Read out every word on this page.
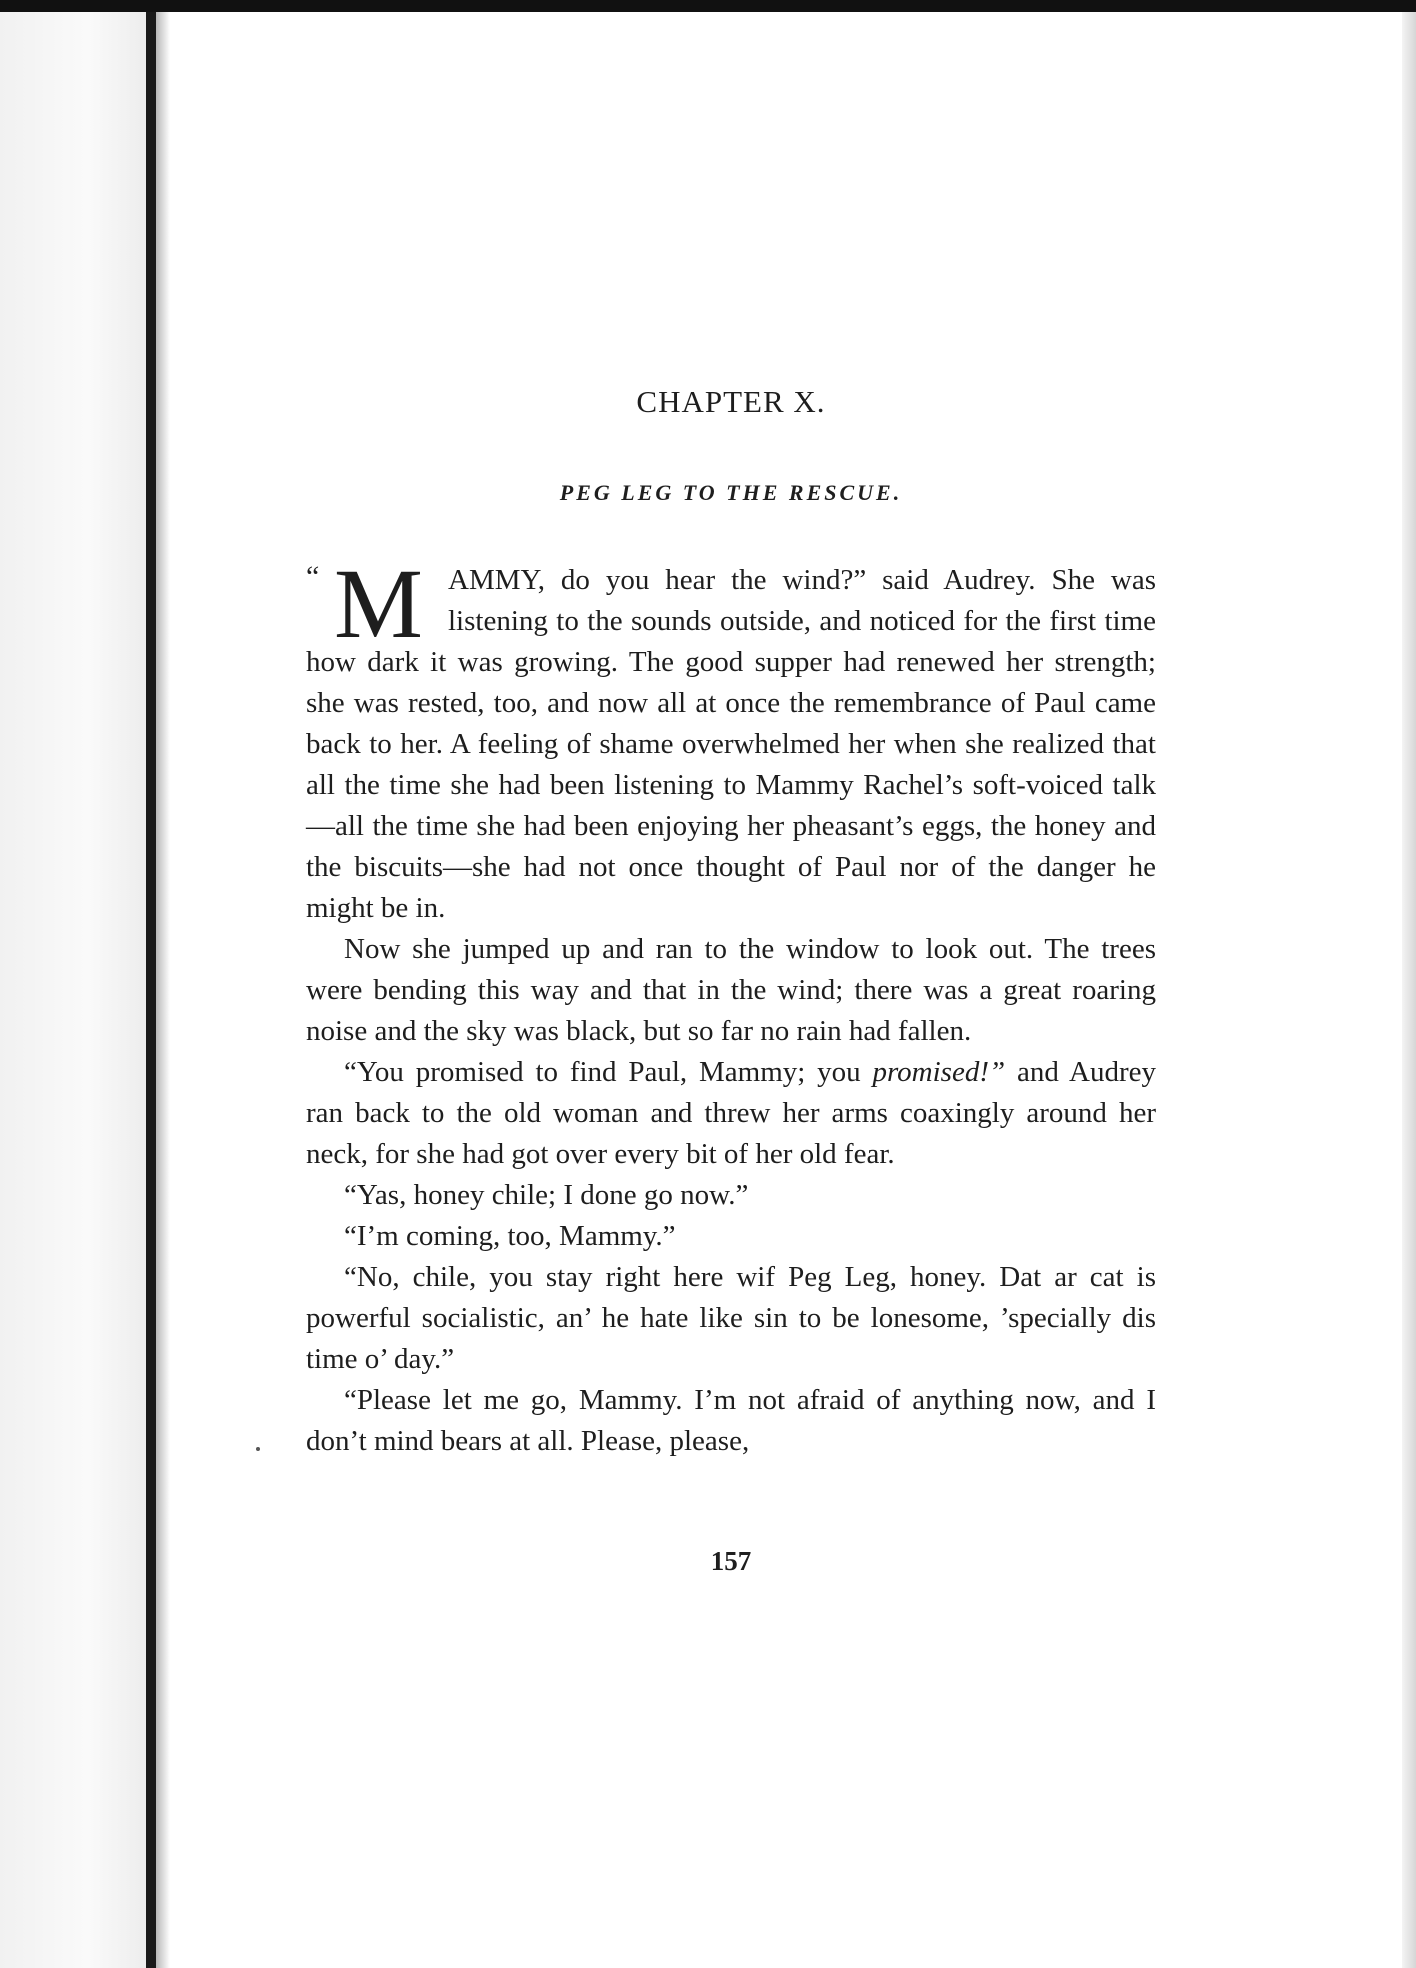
CHAPTER X.
PEG LEG TO THE RESCUE.

“ M AMMY, do you hear the wind?” said Audrey. She was listening to the sounds outside, and noticed for the first time how dark it was growing. The good supper had renewed her strength; she was rested, too, and now all at once the remembrance of Paul came back to her. A feeling of shame overwhelmed her when she realized that all the time she had been listening to Mammy Rachel’s soft-voiced talk—all the time she had been enjoying her pheasant’s eggs, the honey and the biscuits—she had not once thought of Paul nor of the danger he might be in.

Now she jumped up and ran to the window to look out. The trees were bending this way and that in the wind; there was a great roaring noise and the sky was black, but so far no rain had fallen.

“You promised to find Paul, Mammy; you promised!” and Audrey ran back to the old woman and threw her arms coaxingly around her neck, for she had got over every bit of her old fear.

“Yas, honey chile; I done go now.”

“I’m coming, too, Mammy.”

“No, chile, you stay right here wif Peg Leg, honey. Dat ar cat is powerful socialistic, an’ he hate like sin to be lonesome, ’specially dis time o’ day.”

“Please let me go, Mammy. I’m not afraid of anything now, and I don’t mind bears at all. Please, please,

157
